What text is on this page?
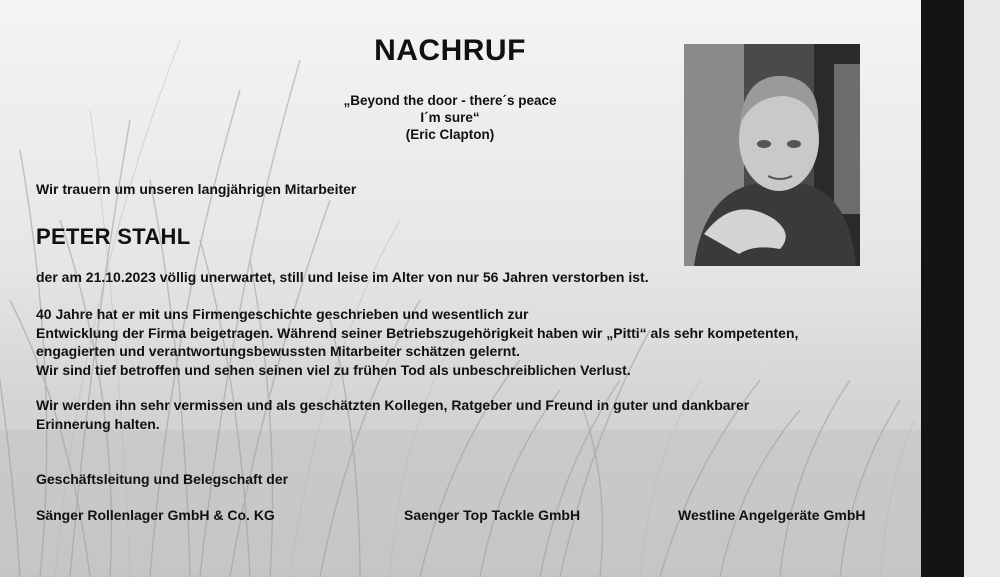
NACHRUF
„Beyond the door - there´s peace
I´m sure“
(Eric Clapton)
Wir trauern um unseren langjährigen Mitarbeiter
PETER STAHL
der am 21.10.2023 völlig unerwartet, still und leise im Alter von nur 56 Jahren verstorben ist.
40 Jahre hat er mit uns Firmengeschichte geschrieben und wesentlich zur
Entwicklung der Firma beigetragen. Während seiner Betriebszugehörigkeit haben wir „Pitti“ als sehr kompetenten,
engagierten und verantwortungsbewussten Mitarbeiter schätzen gelernt.
Wir sind tief betroffen und sehen seinen viel zu frühen Tod als unbeschreiblichen Verlust.
Wir werden ihn sehr vermissen und als geschätzten Kollegen, Ratgeber und Freund in guter und dankbarer
Erinnerung halten.
Geschäftsleitung und Belegschaft der
Sänger Rollenlager GmbH & Co. KG	Saenger Top Tackle GmbH	Westline Angelgeräte GmbH
